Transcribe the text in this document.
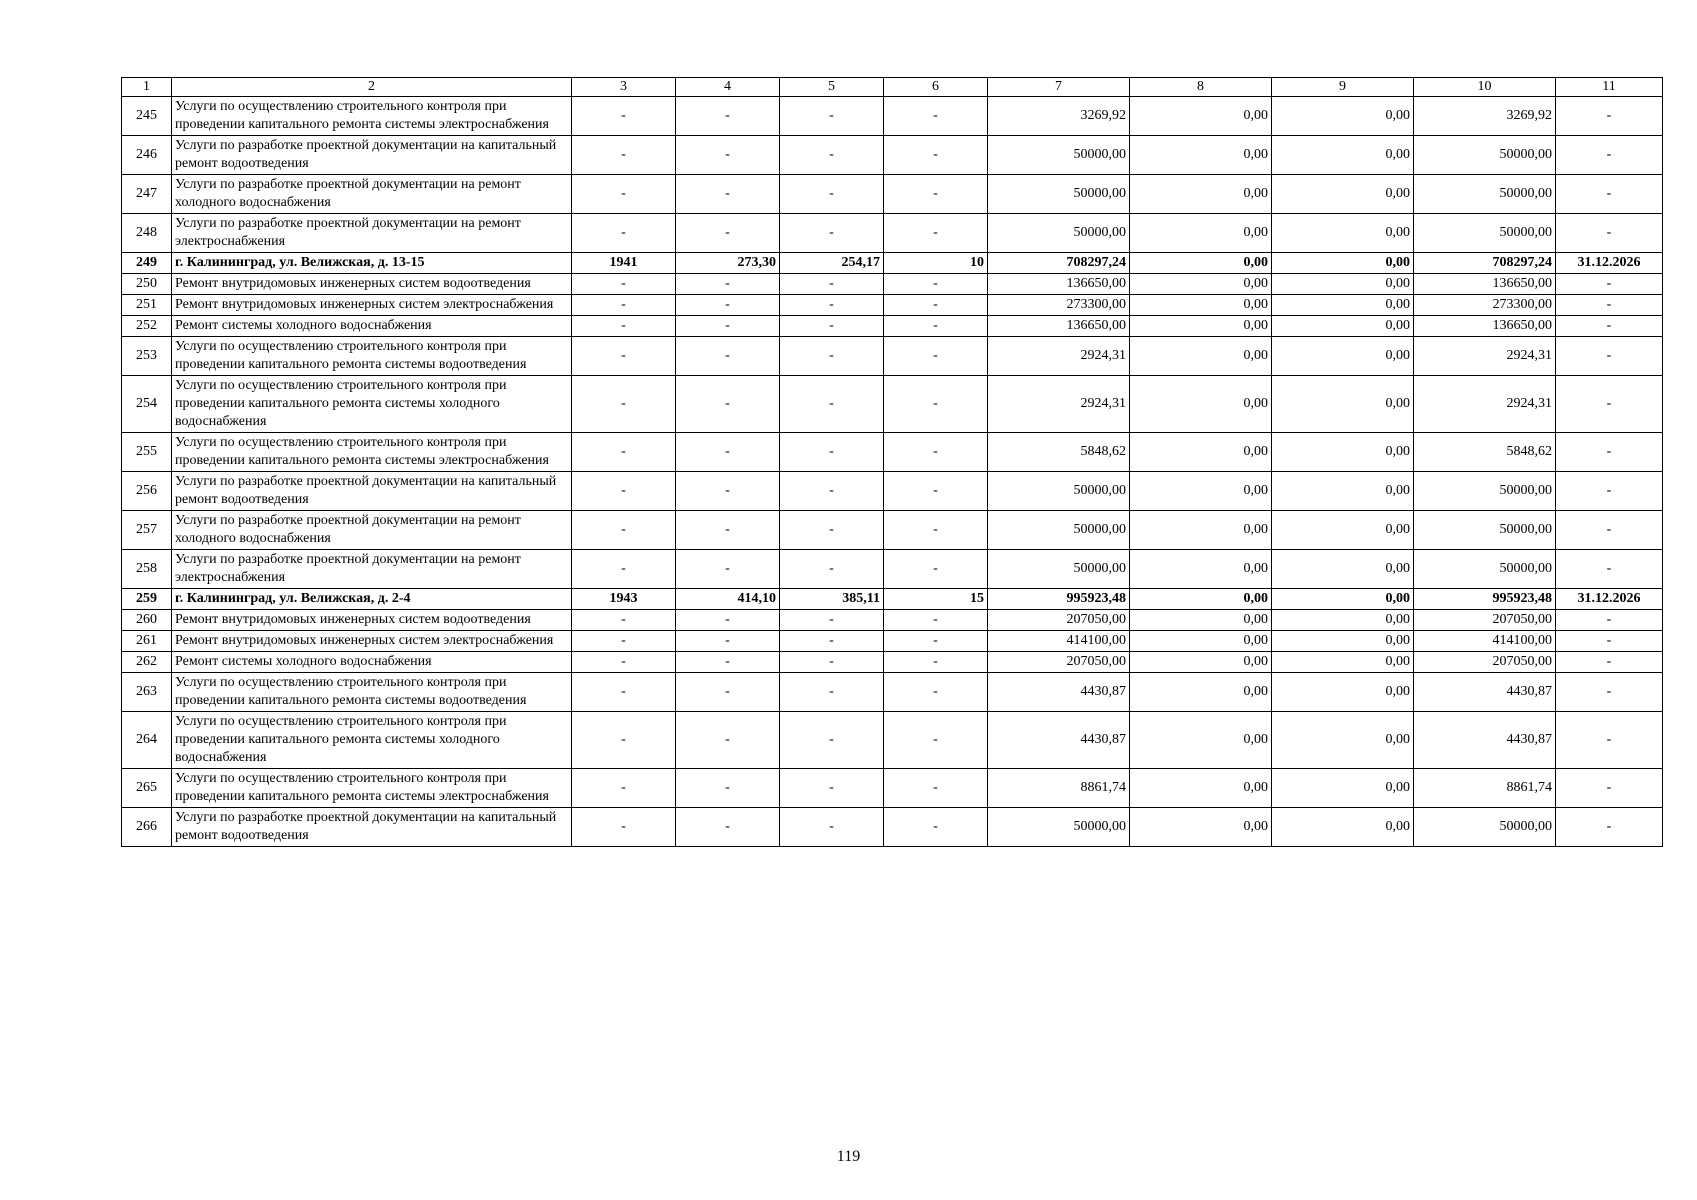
1	2	3	4	5	6	7	8	9	10	11
245	Услуги по осуществлению строительного контроля при проведении капитального ремонта системы электроснабжения	-	-	-	-	3269,92	0,00	0,00	3269,92	-
246	Услуги по разработке проектной документации на капитальный ремонт водоотведения	-	-	-	-	50000,00	0,00	0,00	50000,00	-
247	Услуги по разработке проектной документации на ремонт холодного водоснабжения	-	-	-	-	50000,00	0,00	0,00	50000,00	-
248	Услуги по разработке проектной документации на ремонт электроснабжения	-	-	-	-	50000,00	0,00	0,00	50000,00	-
249	г. Калининград, ул. Велижская, д. 13-15	1941	273,30	254,17	10	708297,24	0,00	0,00	708297,24	31.12.2026
250	Ремонт внутридомовых инженерных систем водоотведения	-	-	-	-	136650,00	0,00	0,00	136650,00	-
251	Ремонт внутридомовых инженерных систем электроснабжения	-	-	-	-	273300,00	0,00	0,00	273300,00	-
252	Ремонт системы холодного водоснабжения	-	-	-	-	136650,00	0,00	0,00	136650,00	-
253	Услуги по осуществлению строительного контроля при проведении капитального ремонта системы водоотведения	-	-	-	-	2924,31	0,00	0,00	2924,31	-
254	Услуги по осуществлению строительного контроля при проведении капитального ремонта системы холодного водоснабжения	-	-	-	-	2924,31	0,00	0,00	2924,31	-
255	Услуги по осуществлению строительного контроля при проведении капитального ремонта системы электроснабжения	-	-	-	-	5848,62	0,00	0,00	5848,62	-
256	Услуги по разработке проектной документации на капитальный ремонт водоотведения	-	-	-	-	50000,00	0,00	0,00	50000,00	-
257	Услуги по разработке проектной документации на ремонт холодного водоснабжения	-	-	-	-	50000,00	0,00	0,00	50000,00	-
258	Услуги по разработке проектной документации на ремонт электроснабжения	-	-	-	-	50000,00	0,00	0,00	50000,00	-
259	г. Калининград, ул. Велижская, д. 2-4	1943	414,10	385,11	15	995923,48	0,00	0,00	995923,48	31.12.2026
260	Ремонт внутридомовых инженерных систем водоотведения	-	-	-	-	207050,00	0,00	0,00	207050,00	-
261	Ремонт внутридомовых инженерных систем электроснабжения	-	-	-	-	414100,00	0,00	0,00	414100,00	-
262	Ремонт системы холодного водоснабжения	-	-	-	-	207050,00	0,00	0,00	207050,00	-
263	Услуги по осуществлению строительного контроля при проведении капитального ремонта системы водоотведения	-	-	-	-	4430,87	0,00	0,00	4430,87	-
264	Услуги по осуществлению строительного контроля при проведении капитального ремонта системы холодного водоснабжения	-	-	-	-	4430,87	0,00	0,00	4430,87	-
265	Услуги по осуществлению строительного контроля при проведении капитального ремонта системы электроснабжения	-	-	-	-	8861,74	0,00	0,00	8861,74	-
266	Услуги по разработке проектной документации на капитальный ремонт водоотведения	-	-	-	-	50000,00	0,00	0,00	50000,00	-
119
